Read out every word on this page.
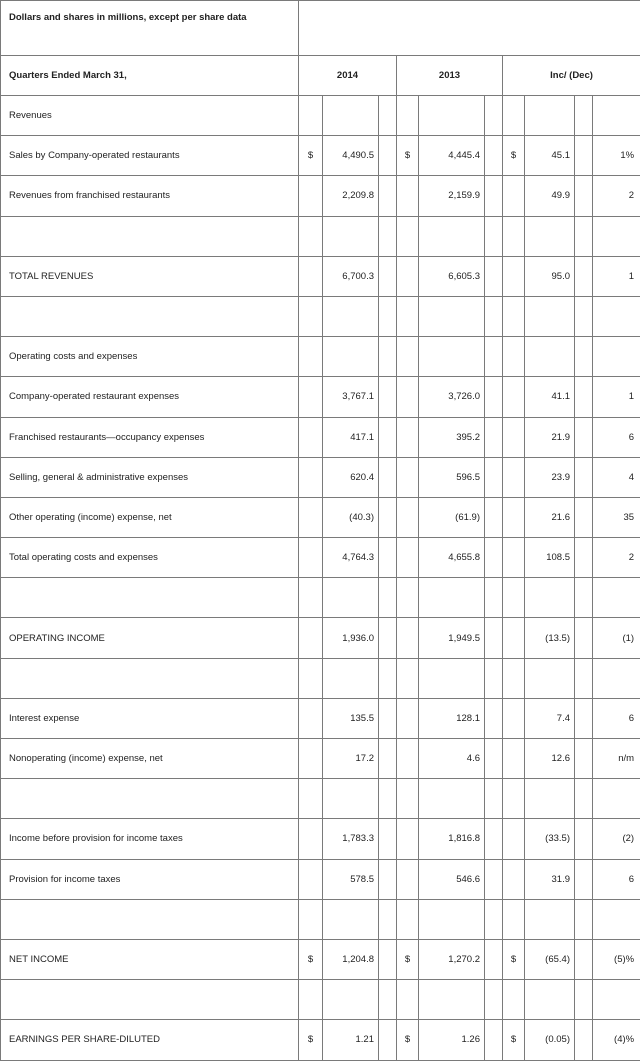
Dollars and shares in millions, except per share data										
Quarters Ended March 31,	2014			2013			Inc/ (Dec)			
Revenues										
Sales by Company-operated restaurants	$	4,490.5		$	4,445.4		$	45.1		1%
Revenues from franchised restaurants		2,209.8			2,159.9			49.9		2

TOTAL REVENUES		6,700.3			6,605.3			95.0		1

Operating costs and expenses										
Company-operated restaurant expenses		3,767.1			3,726.0			41.1		1
Franchised restaurants—occupancy expenses		417.1			395.2			21.9		6
Selling, general & administrative expenses		620.4			596.5			23.9		4
Other operating (income) expense, net		(40.3)			(61.9)			21.6		35
Total operating costs and expenses		4,764.3			4,655.8			108.5		2

OPERATING INCOME		1,936.0			1,949.5			(13.5)		(1)

Interest expense		135.5			128.1			7.4		6
Nonoperating (income) expense, net		17.2			4.6			12.6		n/m

Income before provision for income taxes		1,783.3			1,816.8			(33.5)		(2)
Provision for income taxes		578.5			546.6			31.9		6

NET INCOME	$	1,204.8		$	1,270.2		$	(65.4)		(5)%

EARNINGS PER SHARE-DILUTED	$	1.21		$	1.26		$	(0.05)		(4)%
